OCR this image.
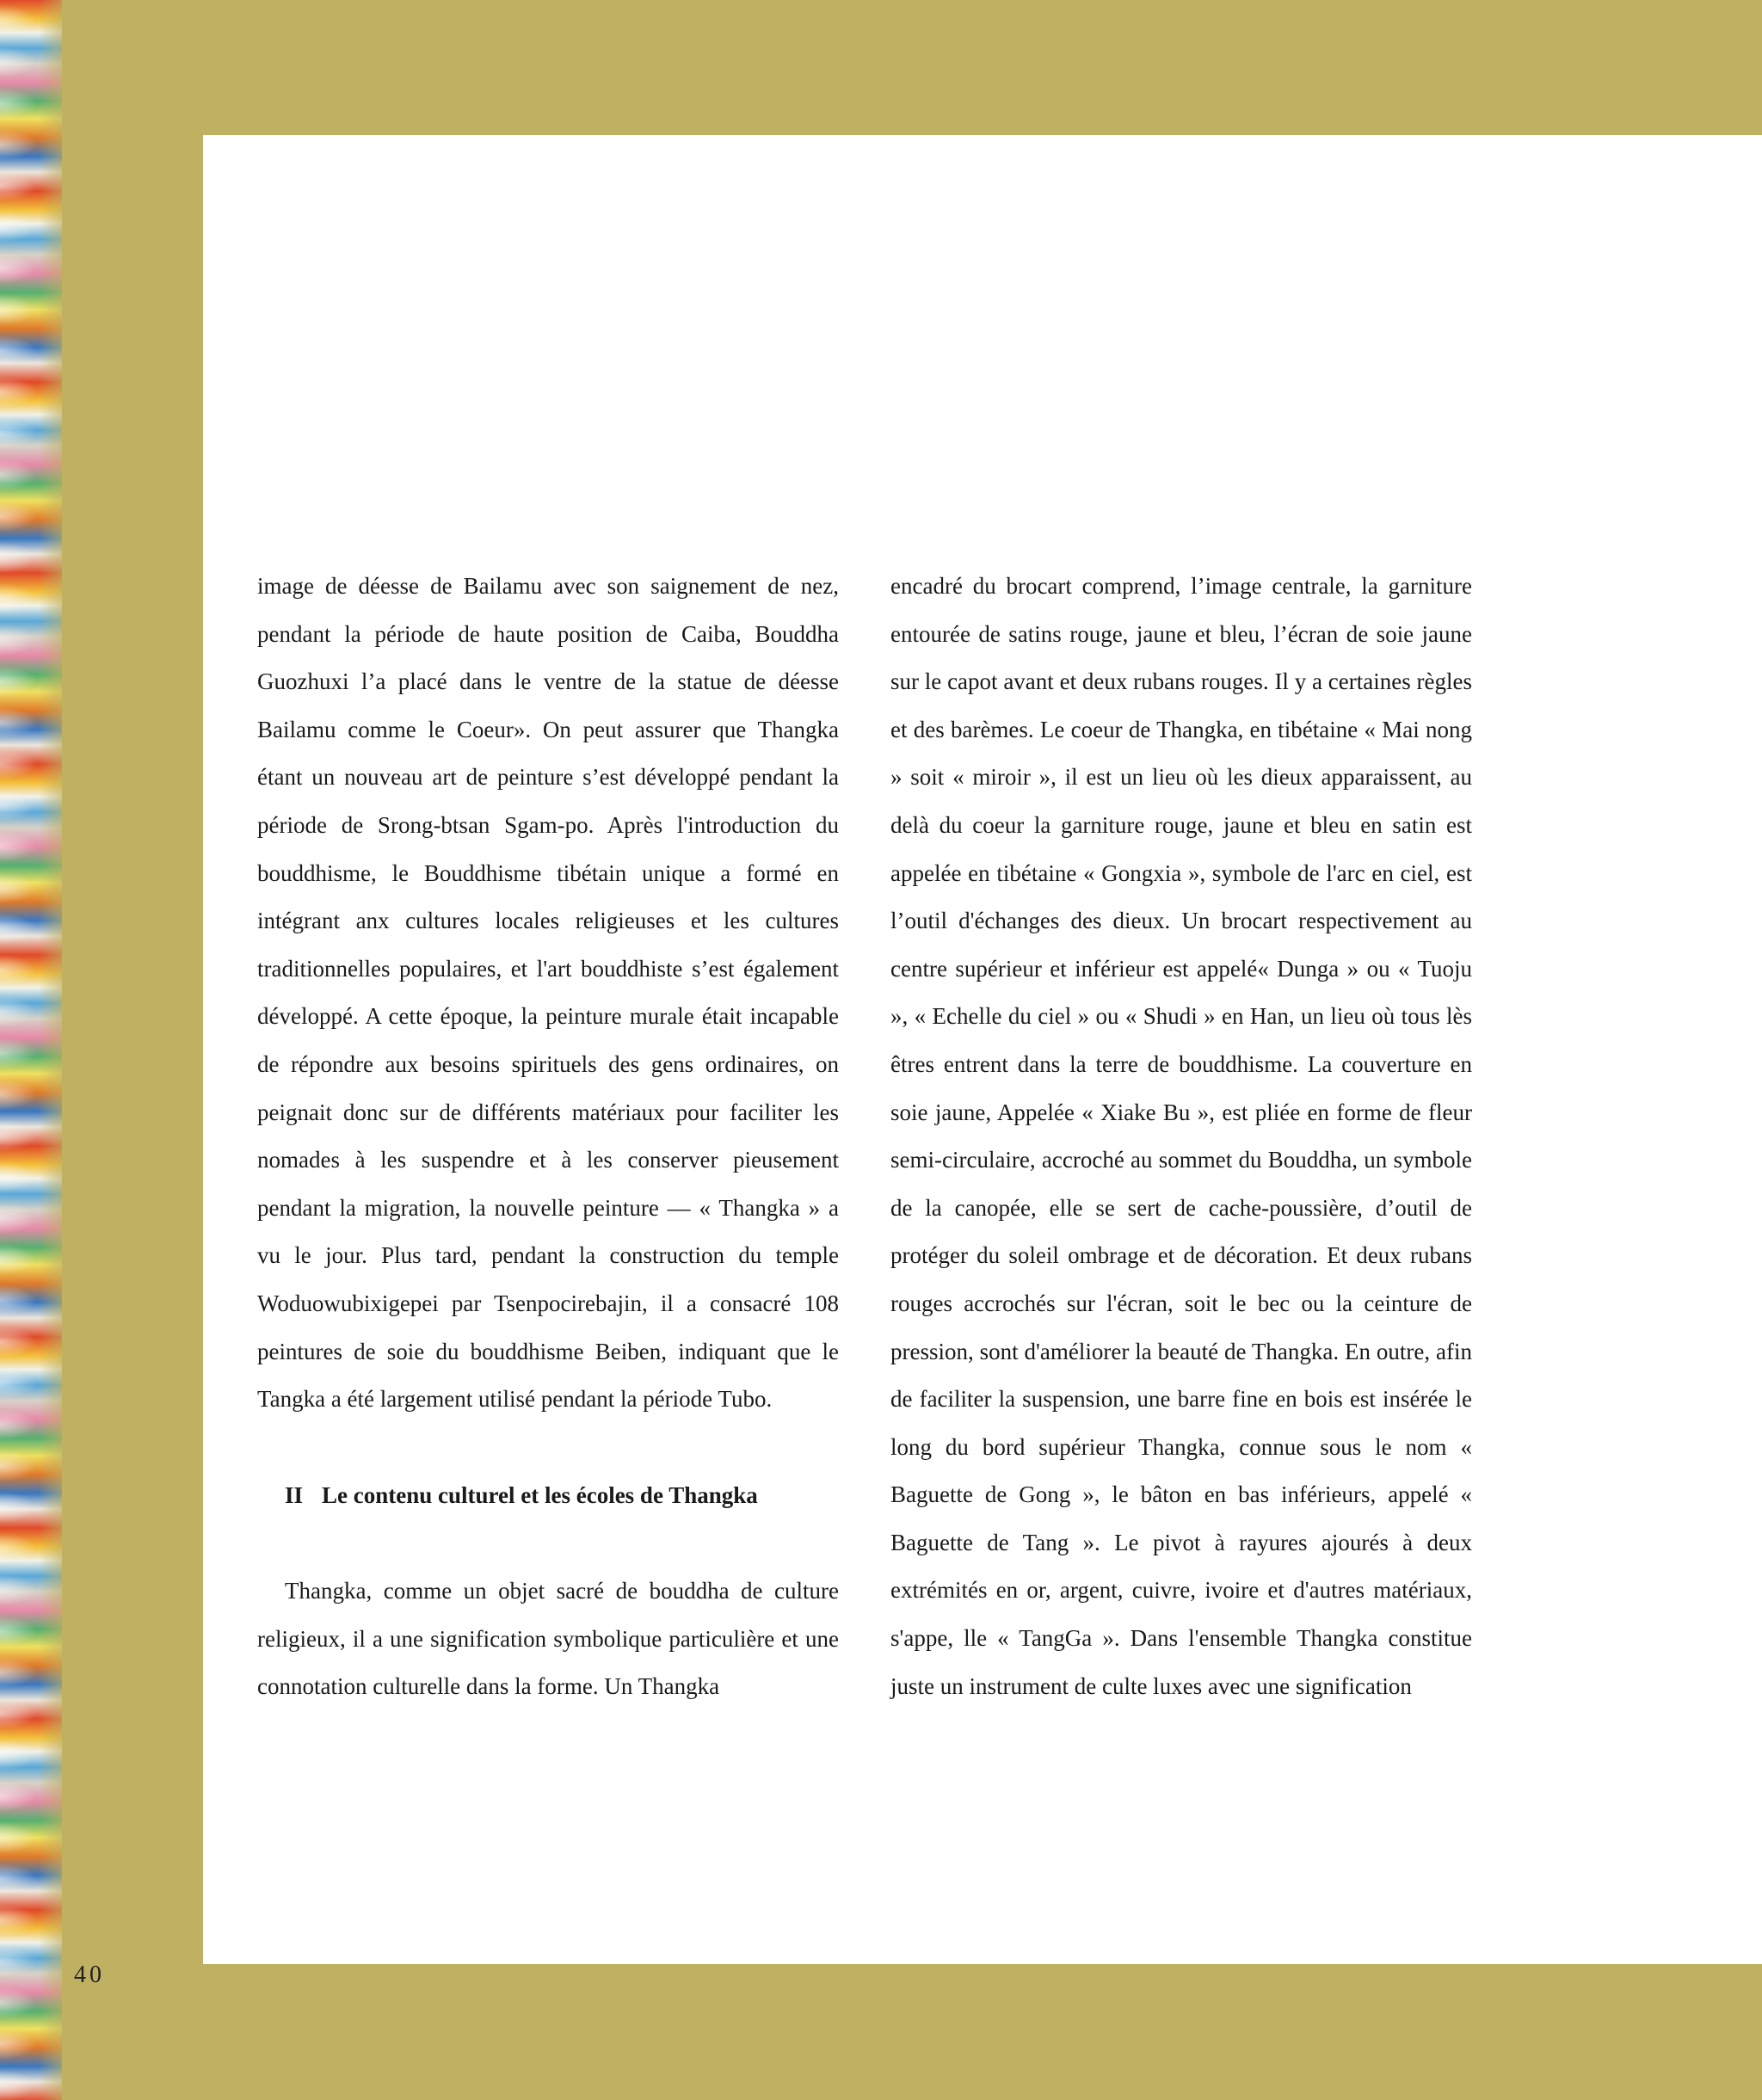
image de déesse de Bailamu avec son saignement de nez, pendant la période de haute position de Caiba, Bouddha Guozhuxi l’a placé dans le ventre de la statue de déesse Bailamu comme le Coeur». On peut assurer que Thangka étant un nouveau art de peinture s’est développé pendant la période de Srong-btsan Sgam-po. Après l'introduction du bouddhisme, le Bouddhisme tibétain unique a formé en intégrant anx cultures locales religieuses et les cultures traditionnelles populaires, et l'art bouddhiste s’est également développé. A cette époque, la peinture murale était incapable de répondre aux besoins spirituels des gens ordinaires, on peignait donc sur de différents matériaux pour faciliter les nomades à les suspendre et à les conserver pieusement pendant la migration, la nouvelle peinture — « Thangka » a vu le jour. Plus tard, pendant la construction du temple Woduowubixigepei par Tsenpocirebajin, il a consacré 108 peintures de soie du bouddhisme Beiben, indiquant que le Tangka a été largement utilisé pendant la période Tubo.

II Le contenu culturel et les écoles de Thangka

Thangka, comme un objet sacré de bouddha de culture religieux, il a une signification symbolique particulière et une connotation culturelle dans la forme. Un Thangka

encadré du brocart comprend, l’image centrale, la garniture entourée de satins rouge, jaune et bleu, l’écran de soie jaune sur le capot avant et deux rubans rouges. Il y a certaines règles et des barèmes. Le coeur de Thangka, en tibétaine « Mai nong » soit « miroir », il est un lieu où les dieux apparaissent, au delà du coeur la garniture rouge, jaune et bleu en satin est appelée en tibétaine « Gongxia », symbole de l'arc en ciel, est l’outil d'échanges des dieux. Un brocart respectivement au centre supérieur et inférieur est appelé« Dunga » ou « Tuoju », « Echelle du ciel » ou « Shudi » en Han, un lieu où tous lès êtres entrent dans la terre de bouddhisme. La couverture en soie jaune, Appelée « Xiake Bu », est pliée en forme de fleur semi-circulaire, accroché au sommet du Bouddha, un symbole de la canopée, elle se sert de cache-poussière, d’outil de protéger du soleil ombrage et de décoration. Et deux rubans rouges accrochés sur l'écran, soit le bec ou la ceinture de pression, sont d'améliorer la beauté de Thangka. En outre, afin de faciliter la suspension, une barre fine en bois est insérée le long du bord supérieur Thangka, connue sous le nom « Baguette de Gong », le bâton en bas inférieurs, appelé « Baguette de Tang ». Le pivot à rayures ajourés à deux extrémités en or, argent, cuivre, ivoire et d'autres matériaux, s'appe, lle « TangGa ». Dans l'ensemble Thangka constitue juste un instrument de culte luxes avec une signification

40
